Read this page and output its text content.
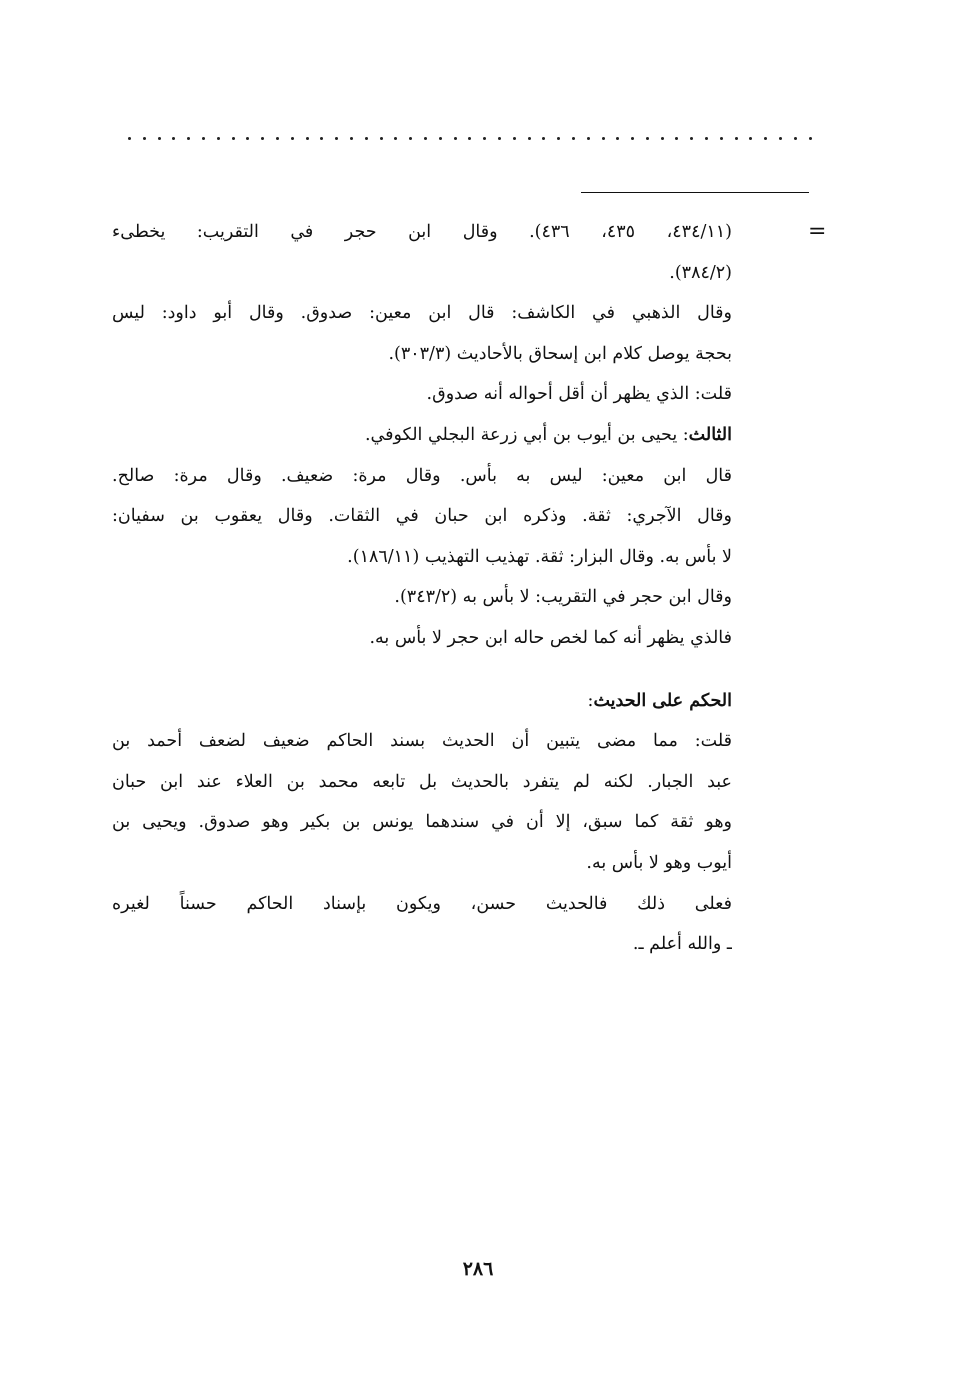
=
(٤٣٤/١١، ٤٣٥، ٤٣٦). وقال ابن حجر في التقريب: يخطىء
(٣٨٤/٢).
وقال الذهبي في الكاشف: قال ابن معين: صدوق. وقال أبو داود: ليس
بحجة يوصل كلام ابن إسحاق بالأحاديث (٣٠٣/٣).
قلت: الذي يظهر أن أقل أحواله أنه صدوق.
الثالث: يحيى بن أيوب بن أبي زرعة البجلي الكوفي.
قال ابن معين: ليس به بأس. وقال مرة: ضعيف. وقال مرة: صالح.
وقال الآجري: ثقة. وذكره ابن حبان في الثقات. وقال يعقوب بن سفيان:
لا بأس به. وقال البزار: ثقة. تهذيب التهذيب (١٨٦/١١).
وقال ابن حجر في التقريب: لا بأس به (٣٤٣/٢).
فالذي يظهر أنه كما لخص حاله ابن حجر لا بأس به.
الحكم على الحديث:
قلت: مما مضى يتبين أن الحديث بسند الحاكم ضعيف لضعف أحمد بن
عبد الجبار. لكنه لم يتفرد بالحديث بل تابعه محمد بن العلاء عند ابن حبان
وهو ثقة كما سبق، إلا أن في سندهما يونس بن بكير وهو صدوق. ويحيى بن
أيوب وهو لا بأس به.
فعلى ذلك فالحديث حسن، ويكون بإسناد الحاكم حسناً لغيره
ـ والله أعلم ـ.
٢٨٦
